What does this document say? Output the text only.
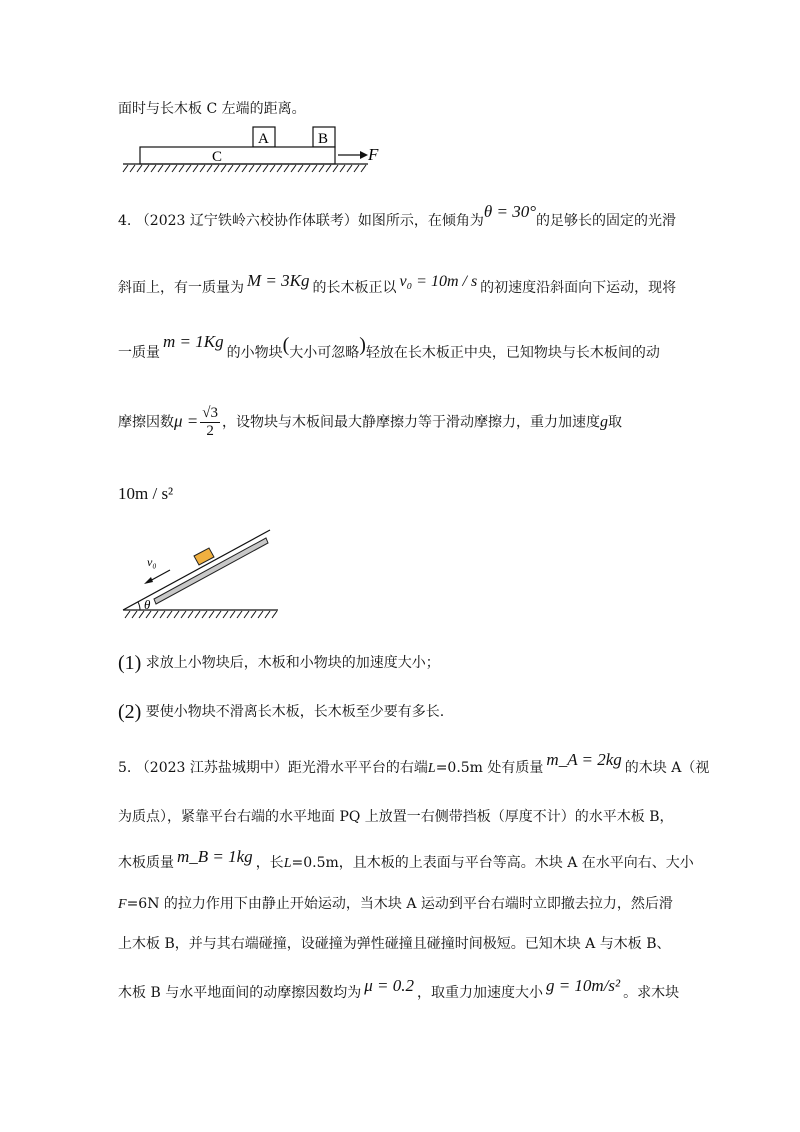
面时与长木板 C 左端的距离。
A	B
C	F
4. （2023 辽宁铁岭六校协作体联考）如图所示，在倾角为θ = 30°的足够长的固定的光滑
斜面上，有一质量为 M = 3Kg 的长木板正以 v₀ = 10m / s 的初速度沿斜面向下运动，现将
一质量m = 1Kg的小物块(大小可忽略)轻放在长木板正中央，已知物块与长木板间的动
摩擦因数$\mu = \frac{√3}{2}$ ，设物块与木板间最大静摩擦力等于滑动摩擦力，重力加速度g取
10m / s²
v₀
θ
(1) 求放上小物块后，木板和小物块的加速度大小；
(2) 要使小物块不滑离长木板，长木板至少要有多长.
5. （2023 江苏盐城期中）距光滑水平平台的右端L=0.5m 处有质量 m_A = 2kg 的木块 A（视
为质点），紧靠平台右端的水平地面 PQ 上放置一右侧带挡板（厚度不计）的水平木板 B，
木板质量 m_B = 1kg ，长L=0.5m，且木板的上表面与平台等高。木块 A 在水平向右、大小
F=6N 的拉力作用下由静止开始运动，当木块 A 运动到平台右端时立即撤去拉力，然后滑
上木板 B，并与其右端碰撞，设碰撞为弹性碰撞且碰撞时间极短。已知木块 A 与木板 B、
木板 B 与水平地面间的动摩擦因数均为 μ = 0.2 ，取重力加速度大小 g = 10m/s² 。求木块
